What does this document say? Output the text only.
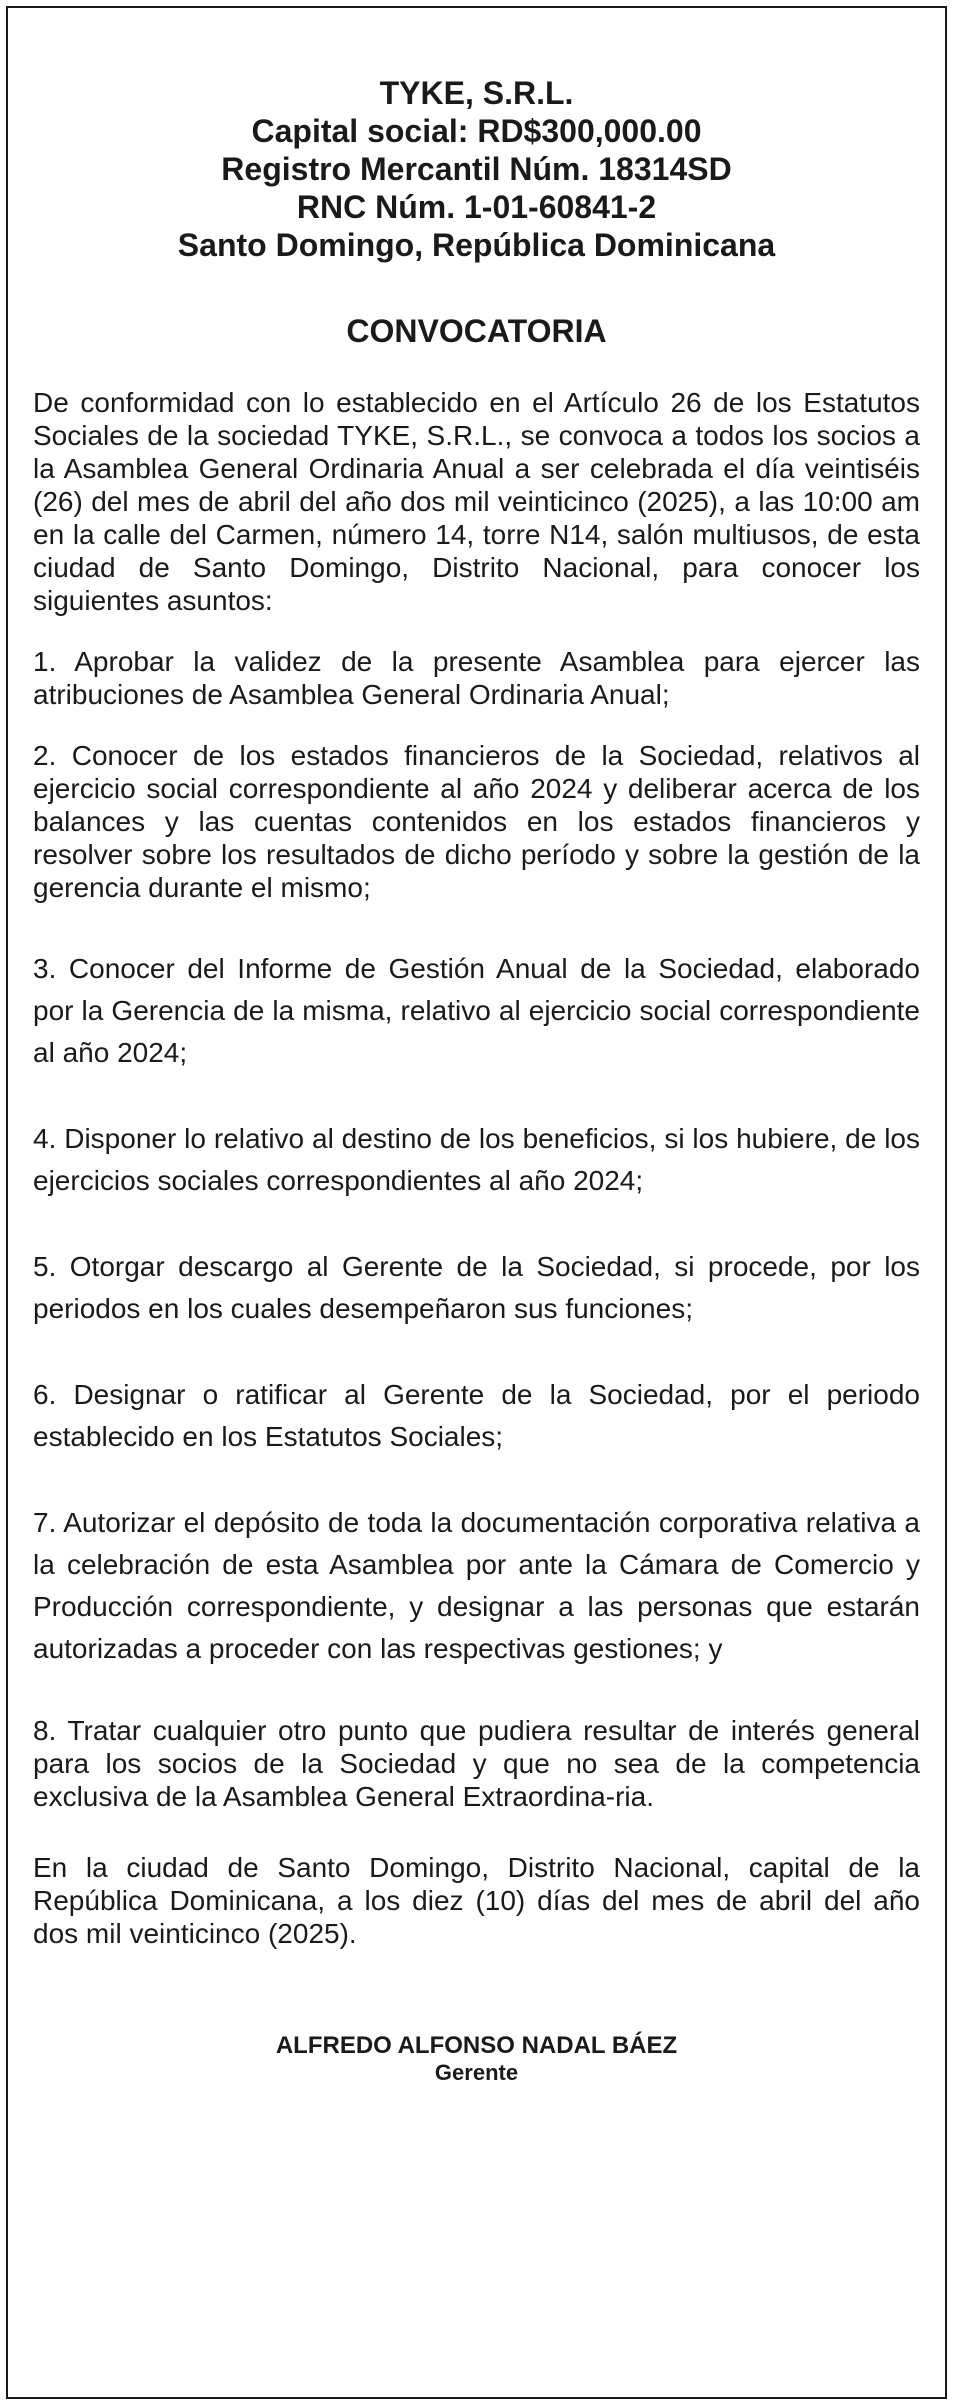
TYKE, S.R.L.
Capital social: RD$300,000.00
Registro Mercantil Núm. 18314SD
RNC Núm. 1-01-60841-2
Santo Domingo, República Dominicana
CONVOCATORIA

De conformidad con lo establecido en el Artículo 26 de los Estatutos Sociales de la sociedad TYKE, S.R.L., se convoca a todos los socios a la Asamblea General Ordinaria Anual a ser celebrada el día veintiséis (26) del mes de abril del año dos mil veinticinco (2025), a las 10:00 am en la calle del Carmen, número 14, torre N14, salón multiusos, de esta ciudad de Santo Domingo, Distrito Nacional, para conocer los siguientes asuntos:

1. Aprobar la validez de la presente Asamblea para ejercer las atribuciones de Asamblea General Ordinaria Anual;

2. Conocer de los estados financieros de la Sociedad, relativos al ejercicio social correspondiente al año 2024 y deliberar acerca de los balances y las cuentas contenidos en los estados financieros y resolver sobre los resultados de dicho período y sobre la gestión de la gerencia durante el mismo;

3. Conocer del Informe de Gestión Anual de la Sociedad, elaborado por la Gerencia de la misma, relativo al ejercicio social correspondiente al año 2024;

4. Disponer lo relativo al destino de los beneficios, si los hubiere, de los ejercicios sociales correspondientes al año 2024;

5. Otorgar descargo al Gerente de la Sociedad, si procede, por los periodos en los cuales desempeñaron sus funciones;

6. Designar o ratificar al Gerente de la Sociedad, por el periodo establecido en los Estatutos Sociales;

7. Autorizar el depósito de toda la documentación corporativa relativa a la celebración de esta Asamblea por ante la Cámara de Comercio y Producción correspondiente, y designar a las personas que estarán autorizadas a proceder con las respectivas gestiones; y

8. Tratar cualquier otro punto que pudiera resultar de interés general para los socios de la Sociedad y que no sea de la competencia exclusiva de la Asamblea General Extraordina-ria.

En la ciudad de Santo Domingo, Distrito Nacional, capital de la República Dominicana, a los diez (10) días del mes de abril del año dos mil veinticinco (2025).

ALFREDO ALFONSO NADAL BÁEZ
Gerente
